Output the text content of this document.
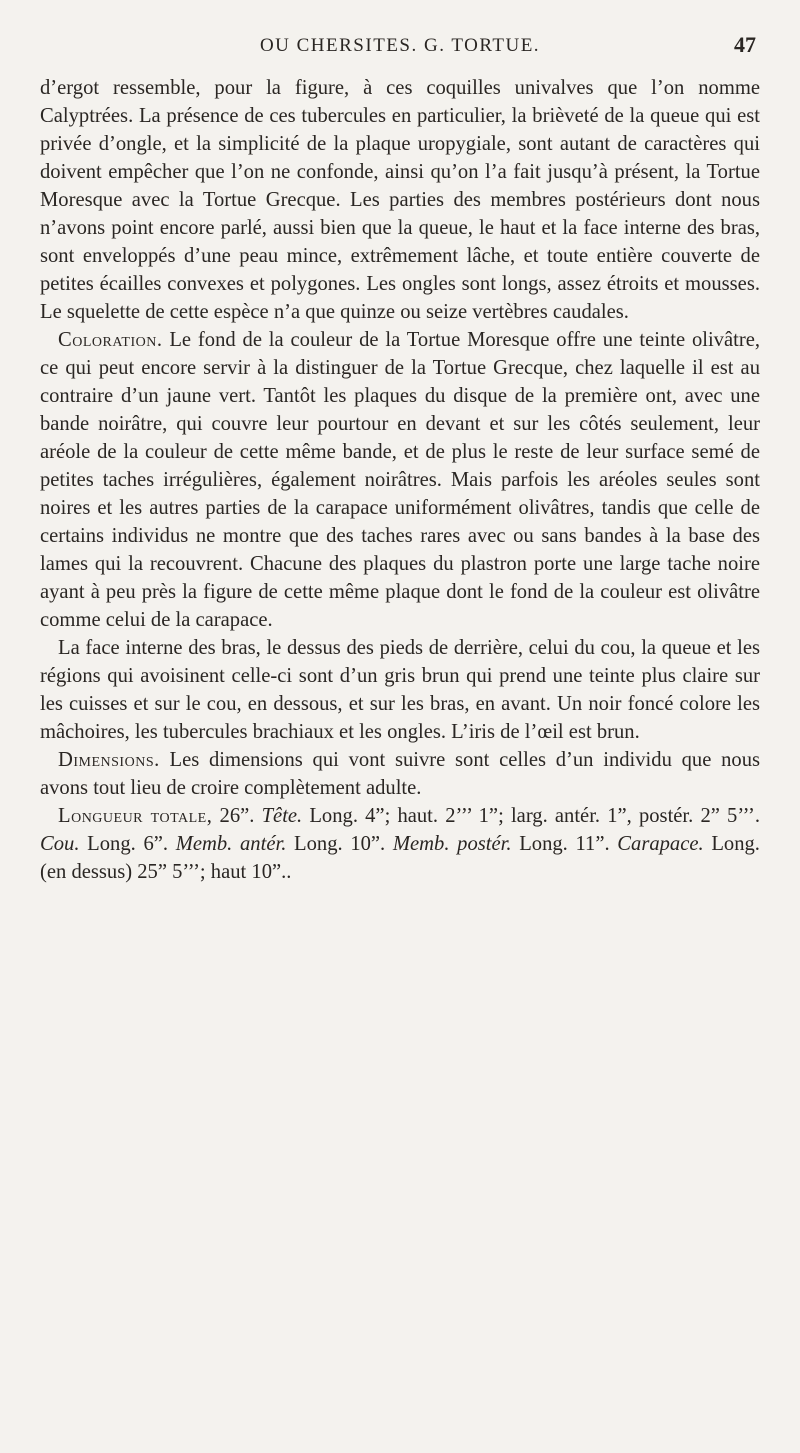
OU CHERSITES. G. TORTUE.	47

d’ergot ressemble, pour la figure, à ces coquilles univalves que l’on nomme Calyptrées. La présence de ces tubercules en particulier, la brièveté de la queue qui est privée d’ongle, et la simplicité de la plaque uropygiale, sont autant de caractères qui doivent empêcher que l’on ne confonde, ainsi qu’on l’a fait jusqu’à présent, la Tortue Moresque avec la Tortue Grecque. Les parties des membres postérieurs dont nous n’avons point encore parlé, aussi bien que la queue, le haut et la face interne des bras, sont enveloppés d’une peau mince, extrêmement lâche, et toute entière couverte de petites écailles convexes et polygones. Les ongles sont longs, assez étroits et mousses. Le squelette de cette espèce n’a que quinze ou seize vertèbres caudales.

Coloration. Le fond de la couleur de la Tortue Moresque offre une teinte olivâtre, ce qui peut encore servir à la distinguer de la Tortue Grecque, chez laquelle il est au contraire d’un jaune vert. Tantôt les plaques du disque de la première ont, avec une bande noirâtre, qui couvre leur pourtour en devant et sur les côtés seulement, leur aréole de la couleur de cette même bande, et de plus le reste de leur surface semé de petites taches irrégulières, également noirâtres. Mais parfois les aréoles seules sont noires et les autres parties de la carapace uniformément olivâtres, tandis que celle de certains individus ne montre que des taches rares avec ou sans bandes à la base des lames qui la recouvrent. Chacune des plaques du plastron porte une large tache noire ayant à peu près la figure de cette même plaque dont le fond de la couleur est olivâtre comme celui de la carapace.

La face interne des bras, le dessus des pieds de derrière, celui du cou, la queue et les régions qui avoisinent celle-ci sont d’un gris brun qui prend une teinte plus claire sur les cuisses et sur le cou, en dessous, et sur les bras, en avant. Un noir foncé colore les mâchoires, les tubercules brachiaux et les ongles. L’iris de l’œil est brun.

Dimensions. Les dimensions qui vont suivre sont celles d’un individu que nous avons tout lieu de croire complètement adulte.

Longueur totale, 26”. Tête. Long. 4”; haut. 2’’’ 1”; larg. antér. 1”, postér. 2” 5’’’. Cou. Long. 6”. Memb. antér. Long. 10”. Memb. postér. Long. 11”. Carapace. Long. (en dessus) 25” 5’’’; haut 10”..
